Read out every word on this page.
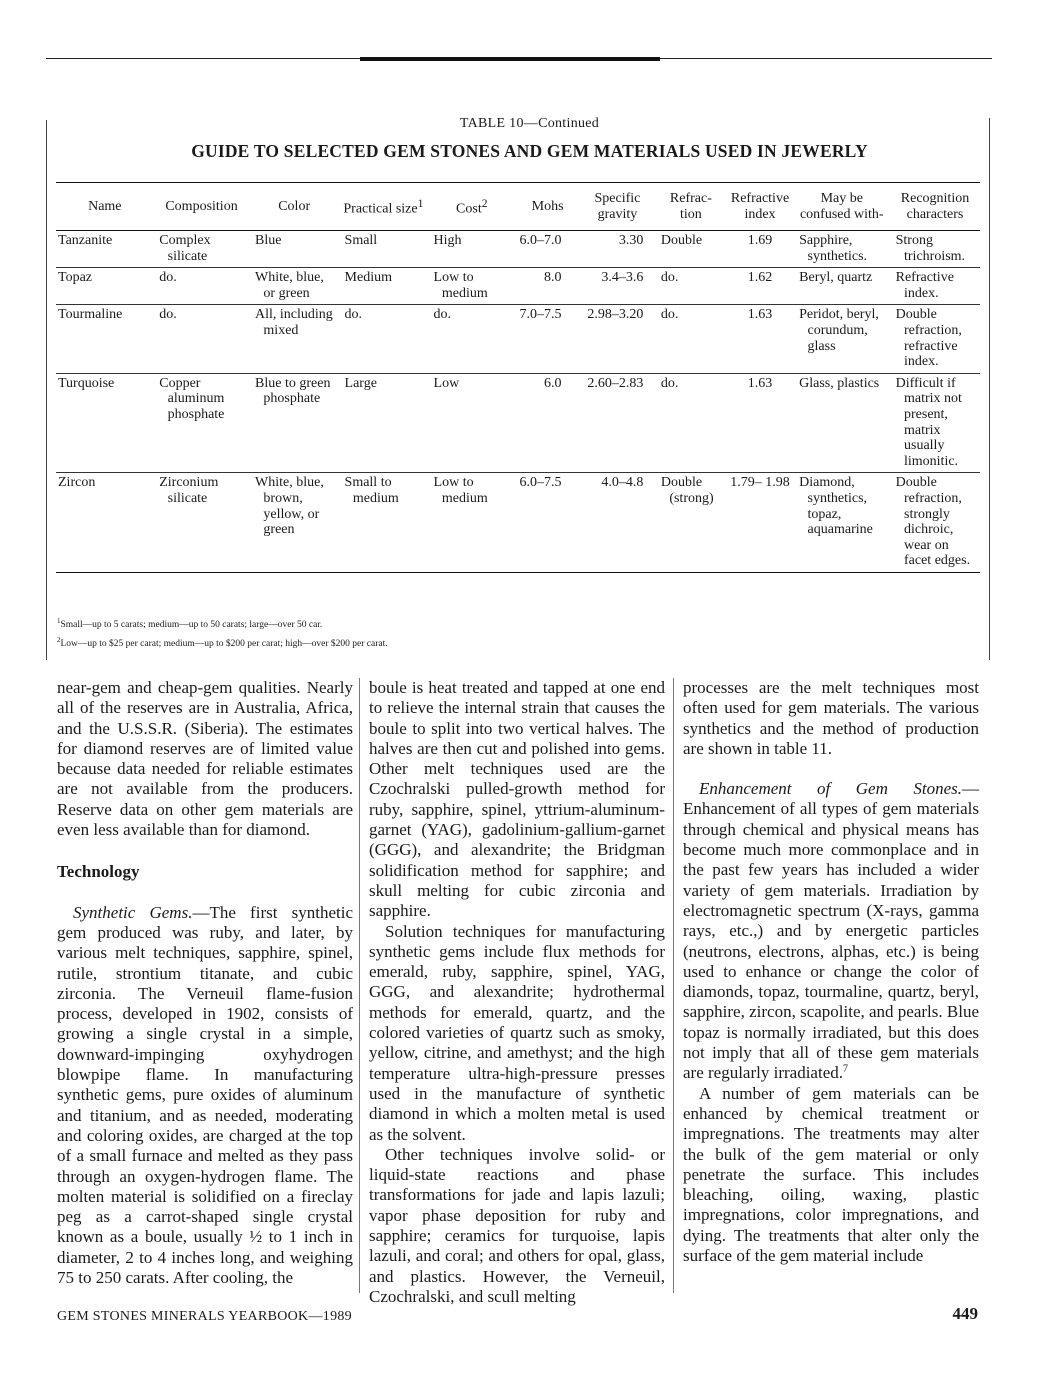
TABLE 10—Continued
GUIDE TO SELECTED GEM STONES AND GEM MATERIALS USED IN JEWERLY
Name	Composition	Color	Practical size$^1$	Cost$^2$	Mohs	Specific gravity	Refrac- tion	Refractive index	May be confused with-	Recognition characters
Tanzanite	Complex silicate	Blue	Small	High	6.0–7.0	3.30	Double	1.69	Sapphire, synthetics.	Strong trichroism.
Topaz	do.	White, blue, or green	Medium	Low to medium	8.0	3.4–3.6	do.	1.62	Beryl, quartz	Refractive index.
Tourmaline	do.	All, including mixed	do.	do.	7.0–7.5	2.98–3.20	do.	1.63	Peridot, beryl, corundum, glass	Double refraction, refractive index.
Turquoise	Copper aluminum phosphate	Blue to green phosphate	Large	Low	6.0	2.60–2.83	do.	1.63	Glass, plastics	Difficult if matrix not present, matrix usually limonitic.
Zircon	Zirconium silicate	White, blue, brown, yellow, or green	Small to medium	Low to medium	6.0–7.5	4.0–4.8	Double (strong)	1.79– 1.98	Diamond, synthetics, topaz, aquamarine	Double refraction, strongly dichroic, wear on facet edges.
$^1$Small—up to 5 carats; medium—up to 50 carats; large—over 50 car.
$^2$Low—up to $25 per carat; medium—up to $200 per carat; high—over $200 per carat.

near-gem and cheap-gem qualities. Nearly all of the reserves are in Australia, Africa, and the U.S.S.R. (Siberia). The estimates for diamond reserves are of limited value because data needed for reliable estimates are not available from the producers. Reserve data on other gem materials are even less available than for diamond.

Technology

Synthetic Gems.—The first synthetic gem produced was ruby, and later, by various melt techniques, sapphire, spinel, rutile, strontium titanate, and cubic zirconia. The Verneuil flame-fusion process, developed in 1902, consists of growing a single crystal in a simple, downward-impinging oxyhydrogen blowpipe flame. In manufacturing synthetic gems, pure oxides of aluminum and titanium, and as needed, moderating and coloring oxides, are charged at the top of a small furnace and melted as they pass through an oxygen-hydrogen flame. The molten material is solidified on a fireclay peg as a carrot-shaped single crystal known as a boule, usually ½ to 1 inch in diameter, 2 to 4 inches long, and weighing 75 to 250 carats. After cooling, the

boule is heat treated and tapped at one end to relieve the internal strain that causes the boule to split into two vertical halves. The halves are then cut and polished into gems. Other melt techniques used are the Czochralski pulled-growth method for ruby, sapphire, spinel, yttrium-aluminum-garnet (YAG), gadolinium-gallium-garnet (GGG), and alexandrite; the Bridgman solidification method for sapphire; and skull melting for cubic zirconia and sapphire.

Solution techniques for manufacturing synthetic gems include flux methods for emerald, ruby, sapphire, spinel, YAG, GGG, and alexandrite; hydrothermal methods for emerald, quartz, and the colored varieties of quartz such as smoky, yellow, citrine, and amethyst; and the high temperature ultra-high-pressure presses used in the manufacture of synthetic diamond in which a molten metal is used as the solvent.

Other techniques involve solid- or liquid-state reactions and phase transformations for jade and lapis lazuli; vapor phase deposition for ruby and sapphire; ceramics for turquoise, lapis lazuli, and coral; and others for opal, glass, and plastics. However, the Verneuil, Czochralski, and scull melting

processes are the melt techniques most often used for gem materials. The various synthetics and the method of production are shown in table 11.

Enhancement of Gem Stones.—Enhancement of all types of gem materials through chemical and physical means has become much more commonplace and in the past few years has included a wider variety of gem materials. Irradiation by electromagnetic spectrum (X-rays, gamma rays, etc.,) and by energetic particles (neutrons, electrons, alphas, etc.) is being used to enhance or change the color of diamonds, topaz, tourmaline, quartz, beryl, sapphire, zircon, scapolite, and pearls. Blue topaz is normally irradiated, but this does not imply that all of these gem materials are regularly irradiated.$^7$

A number of gem materials can be enhanced by chemical treatment or impregnations. The treatments may alter the bulk of the gem material or only penetrate the surface. This includes bleaching, oiling, waxing, plastic impregnations, color impregnations, and dying. The treatments that alter only the surface of the gem material include

GEM STONES MINERALS YEARBOOK—1989	449
